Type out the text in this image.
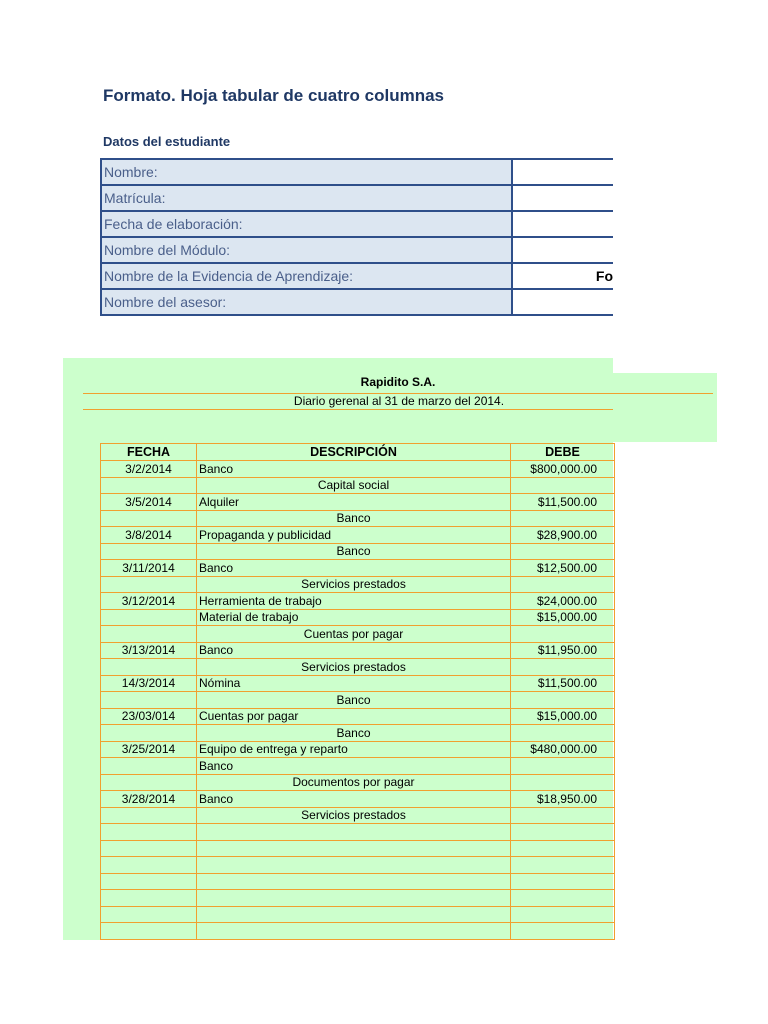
Formato. Hoja tabular de cuatro columnas
Datos del estudiante
Nombre:	
Matrícula:	
Fecha de elaboración:	
Nombre del Módulo:	
Nombre de la Evidencia de Aprendizaje:	Fo
Nombre del asesor:	
Rapidito S.A.
Diario gerenal al 31 de marzo del 2014.
FECHA	DESCRIPCIÓN	DEBE
3/2/2014	Banco	$800,000.00
	Capital social	
3/5/2014	Alquiler	$11,500.00
	Banco	
3/8/2014	Propaganda y publicidad	$28,900.00
	Banco	
3/11/2014	Banco	$12,500.00
	Servicios prestados	
3/12/2014	Herramienta de trabajo	$24,000.00
	Material de trabajo	$15,000.00
	Cuentas por pagar	
3/13/2014	Banco	$11,950.00
	Servicios prestados	
14/3/2014	Nómina	$11,500.00
	Banco	
23/03/014	Cuentas por pagar	$15,000.00
	Banco	
3/25/2014	Equipo de entrega y reparto	$480,000.00
	Banco	
	Documentos por pagar	
3/28/2014	Banco	$18,950.00
	Servicios prestados	
